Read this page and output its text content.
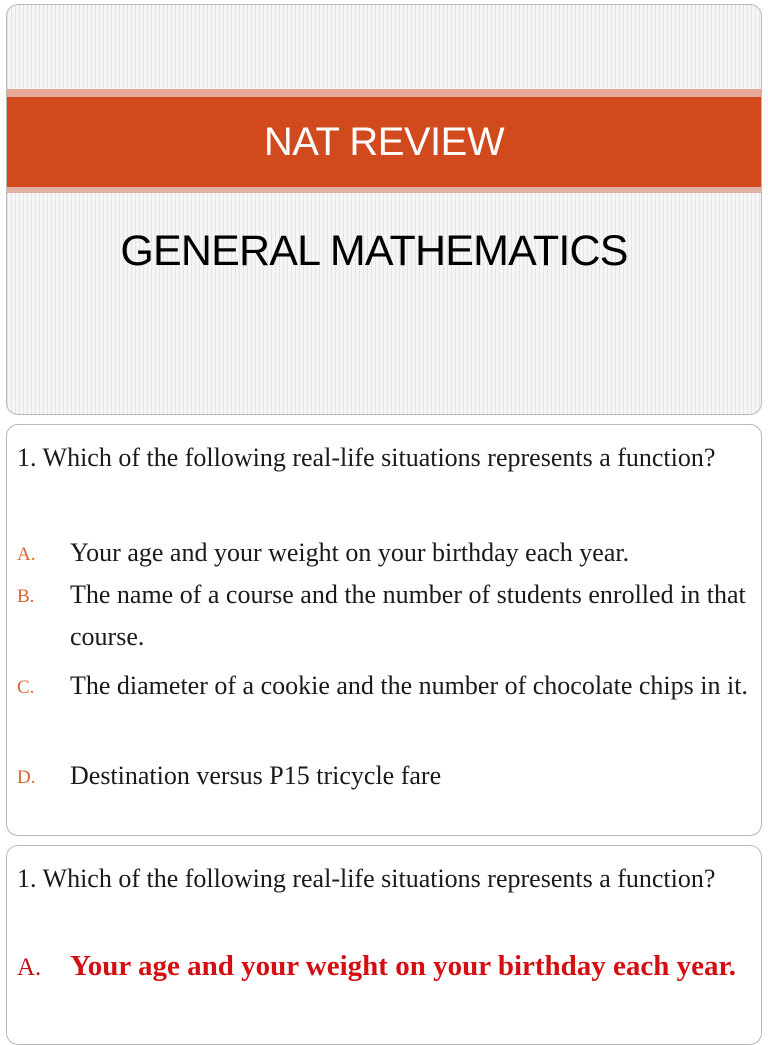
NAT REVIEW
GENERAL MATHEMATICS
1. Which of the following real-life situations represents a function?
A. Your age and your weight on your birthday each year.
B. The name of a course and the number of students enrolled in that course.
C. The diameter of a cookie and the number of chocolate chips in it.
D. Destination versus P15 tricycle fare
1. Which of the following real-life situations represents a function?
A. Your age and your weight on your birthday each year.
